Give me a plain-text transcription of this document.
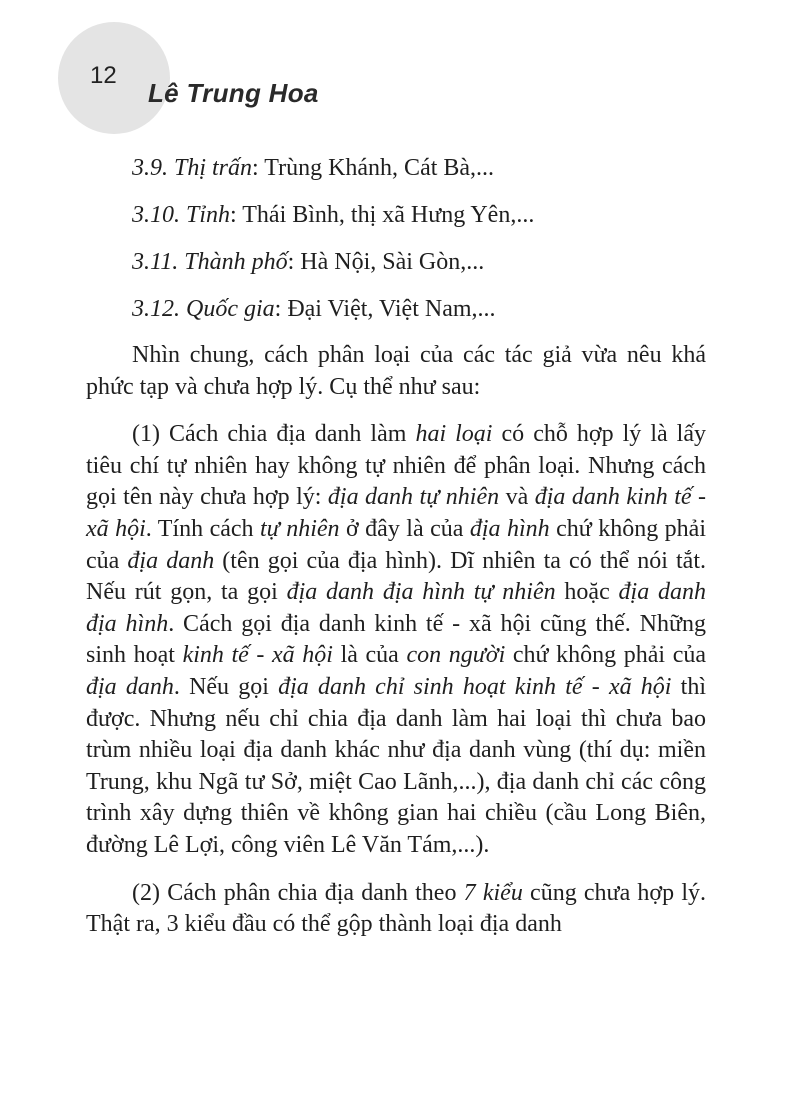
12
Lê Trung Hoa
3.9. Thị trấn: Trùng Khánh, Cát Bà,...
3.10. Tỉnh: Thái Bình, thị xã Hưng Yên,...
3.11. Thành phố: Hà Nội, Sài Gòn,...
3.12. Quốc gia: Đại Việt, Việt Nam,...

Nhìn chung, cách phân loại của các tác giả vừa nêu khá phức tạp và chưa hợp lý. Cụ thể như sau:

(1) Cách chia địa danh làm hai loại có chỗ hợp lý là lấy tiêu chí tự nhiên hay không tự nhiên để phân loại. Nhưng cách gọi tên này chưa hợp lý: địa danh tự nhiên và địa danh kinh tế - xã hội. Tính cách tự nhiên ở đây là của địa hình chứ không phải của địa danh (tên gọi của địa hình). Dĩ nhiên ta có thể nói tắt. Nếu rút gọn, ta gọi địa danh địa hình tự nhiên hoặc địa danh địa hình. Cách gọi địa danh kinh tế - xã hội cũng thế. Những sinh hoạt kinh tế - xã hội là của con người chứ không phải của địa danh. Nếu gọi địa danh chỉ sinh hoạt kinh tế - xã hội thì được. Nhưng nếu chỉ chia địa danh làm hai loại thì chưa bao trùm nhiều loại địa danh khác như địa danh vùng (thí dụ: miền Trung, khu Ngã tư Sở, miệt Cao Lãnh,...), địa danh chỉ các công trình xây dựng thiên về không gian hai chiều (cầu Long Biên, đường Lê Lợi, công viên Lê Văn Tám,...).

(2) Cách phân chia địa danh theo 7 kiểu cũng chưa hợp lý. Thật ra, 3 kiểu đầu có thể gộp thành loại địa danh
